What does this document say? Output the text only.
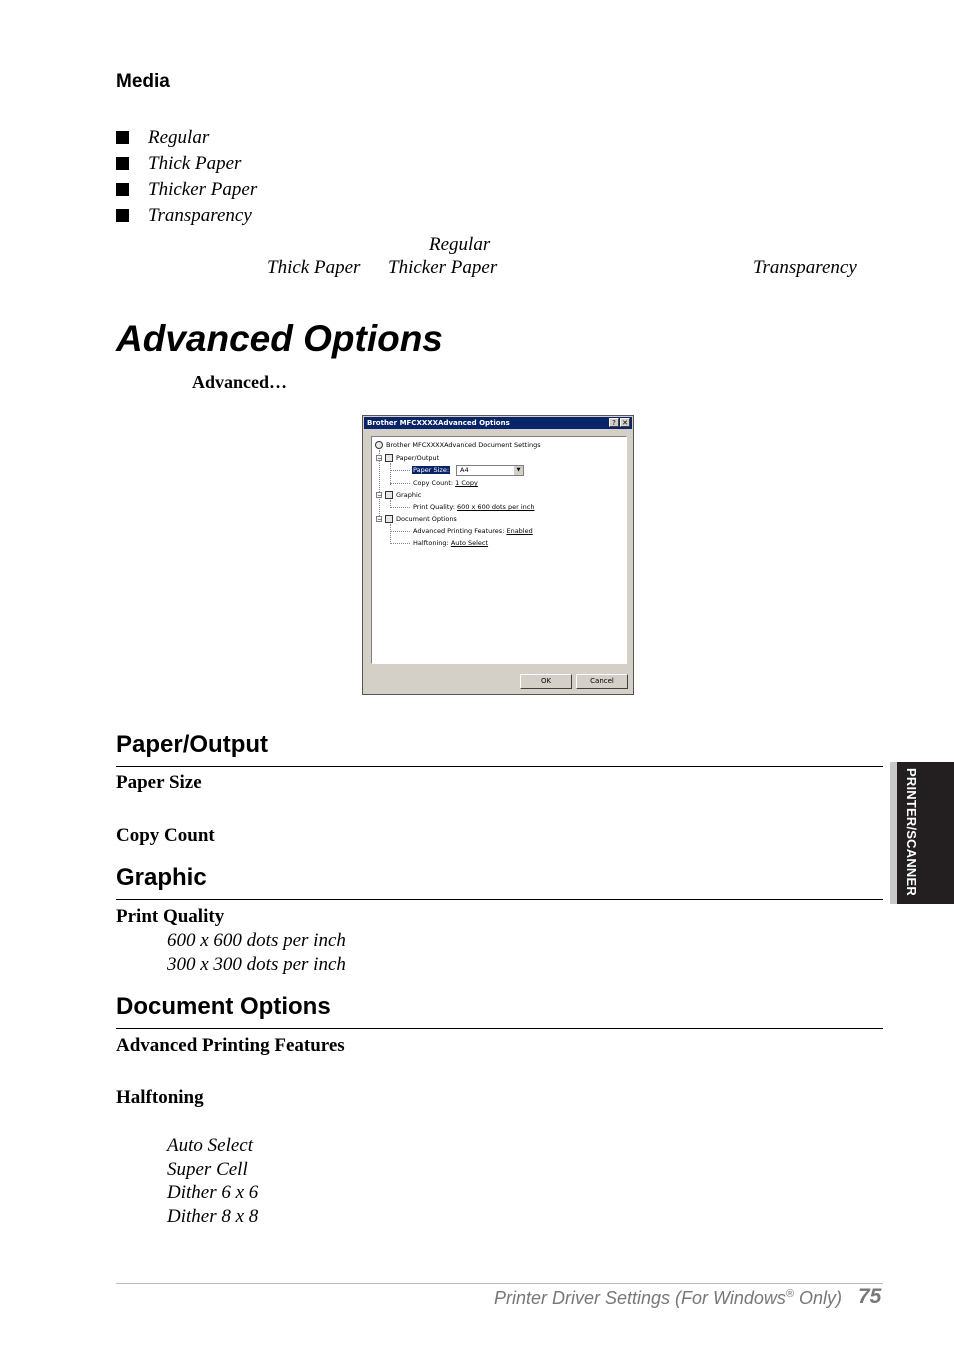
Media
Regular
Thick Paper
Thicker Paper
Transparency
Regular
Thick Paper Thicker Paper	Transparency
Advanced Options
Advanced…
Brother MFCXXXXAdvanced Options	? ✕
Brother MFCXXXXAdvanced Document Settings
− Paper/Output
Paper Size:	A4	▼
Copy Count: 1 Copy
− Graphic
Print Quality: 600 x 600 dots per inch
− Document Options
Advanced Printing Features: Enabled
Halftoning: Auto Select
OK	Cancel
Paper/Output
Paper Size
Copy Count
Graphic
Print Quality
600 x 600 dots per inch
300 x 300 dots per inch
Document Options
Advanced Printing Features
Halftoning
Auto Select
Super Cell
Dither 6 x 6
Dither 8 x 8
PRINTER/SCANNER
Printer Driver Settings (For Windows® Only) 75
